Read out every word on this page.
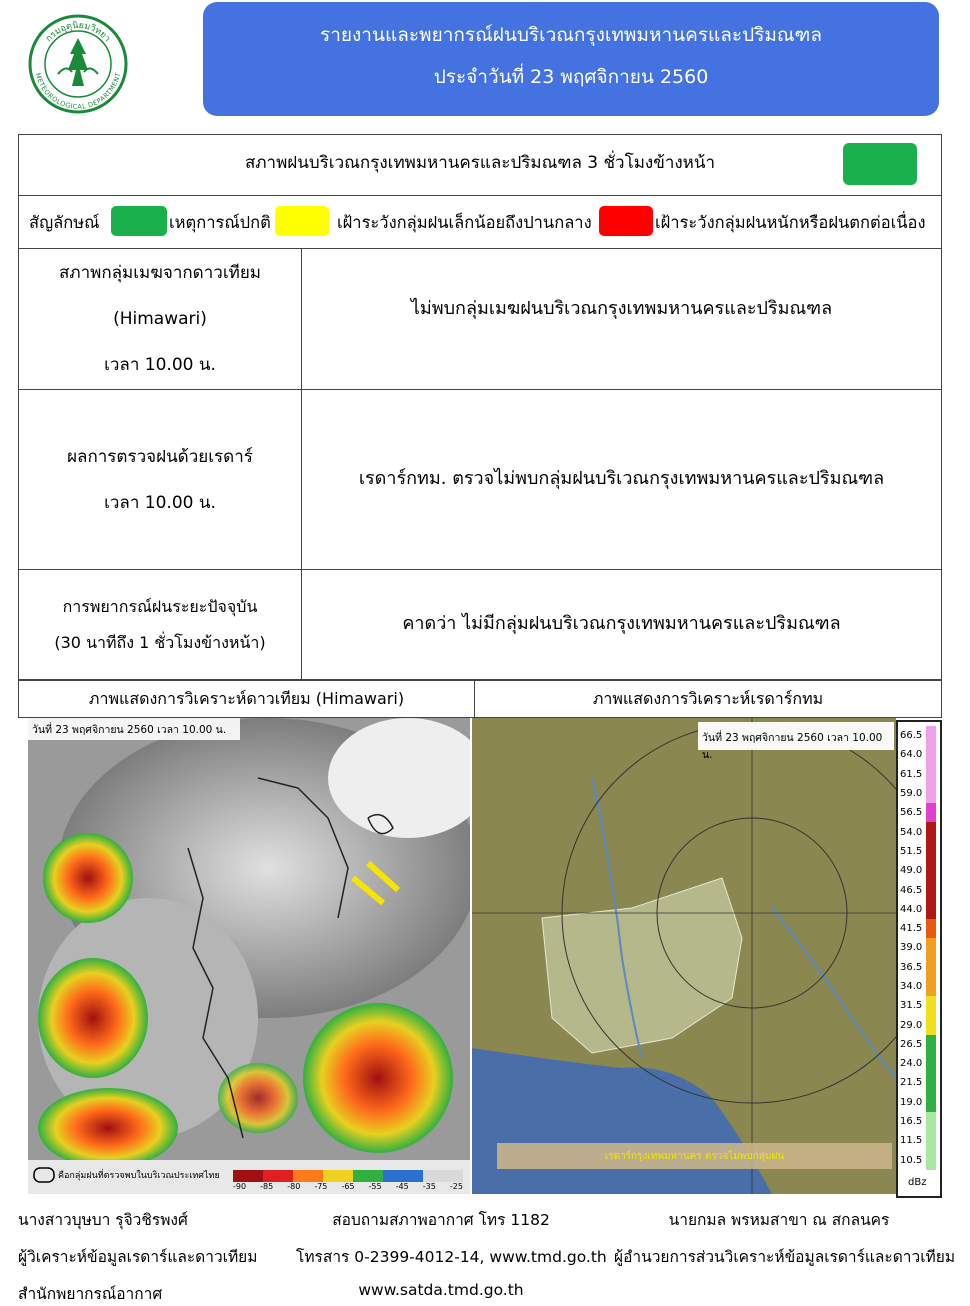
กรมอุตุนิยมวิทยา
METEOROLOGICAL DEPARTMENT
รายงานและพยากรณ์ฝนบริเวณกรุงเทพมหานครและปริมณฑล
ประจำวันที่ 23 พฤศจิกายน 2560
สภาพฝนบริเวณกรุงเทพมหานครและปริมณฑล 3 ชั่วโมงข้างหน้า	

สัญลักษณ์ เหตุการณ์ปกติ เฝ้าระวังกลุ่มฝนเล็กน้อยถึงปานกลาง เฝ้าระวังกลุ่มฝนหนักหรือฝนตกต่อเนื่อง	

สภาพกลุ่มเมฆจากดาวเทียม
(Himawari)
เวลา 10.00 น.	ไม่พบกลุ่มเมฆฝนบริเวณกรุงเทพมหานครและปริมณฑล

ผลการตรวจฝนด้วยเรดาร์
เวลา 10.00 น.	เรดาร์กทม. ตรวจไม่พบกลุ่มฝนบริเวณกรุงเทพมหานครและปริมณฑล

การพยากรณ์ฝนระยะปัจจุบัน
(30 นาทีถึง 1 ชั่วโมงข้างหน้า)	คาดว่า ไม่มีกลุ่มฝนบริเวณกรุงเทพมหานครและปริมณฑล
ภาพแสดงการวิเคราะห์ดาวเทียม (Himawari)	ภาพแสดงการวิเคราะห์เรดาร์กทม
วันที่ 23 พฤศจิกายน 2560 เวลา 10.00 น.
คือกลุ่มฝนที่ตรวจพบในบริเวณประเทศไทย
-90 -85 -80 -75 -65 -55 -45 -35 -25
วันที่ 23 พฤศจิกายน 2560 เวลา 10.00 น.
เรดาร์กรุงเทพมหานคร ตรวจไม่พบกลุ่มฝน
66.5
64.0
61.5
59.0
56.5
54.0
51.5
49.0
46.5
44.0
41.5
39.0
36.5
34.0
31.5
29.0
26.5
24.0
21.5
19.0
16.5
11.5
10.5
dBz
นางสาวบุษบา รุจิวชิรพงศ์
ผู้วิเคราะห์ข้อมูลเรดาร์และดาวเทียม
สำนักพยากรณ์อากาศ
สอบถามสภาพอากาศ โทร 1182
โทรสาร 0-2399-4012-14, www.tmd.go.th
www.satda.tmd.go.th
นายกมล พรหมสาขา ณ สกลนคร
ผู้อำนวยการส่วนวิเคราะห์ข้อมูลเรดาร์และดาวเทียม
